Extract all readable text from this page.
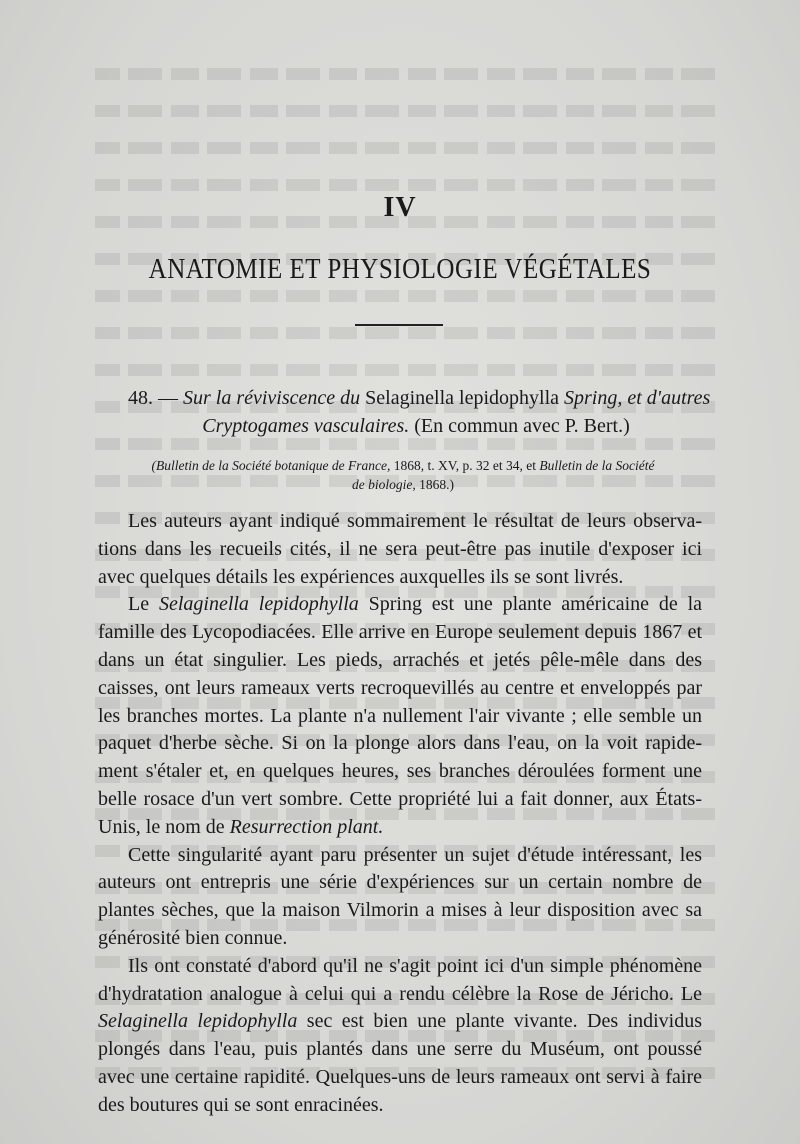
IV
ANATOMIE ET PHYSIOLOGIE VÉGÉTALES
48. — Sur la réviviscence du Selaginella lepidophylla Spring, et d'autres
Cryptogames vasculaires. (En commun avec P. Bert.)
(Bulletin de la Société botanique de France, 1868, t. XV, p. 32 et 34, et Bulletin de la Société
de biologie, 1868.)
Les auteurs ayant indiqué sommairement le résultat de leurs observa-
tions dans les recueils cités, il ne sera peut-être pas inutile d'exposer ici
avec quelques détails les expériences auxquelles ils se sont livrés.
Le Selaginella lepidophylla Spring est une plante américaine de la
famille des Lycopodiacées. Elle arrive en Europe seulement depuis 1867 et
dans un état singulier. Les pieds, arrachés et jetés pêle-mêle dans des
caisses, ont leurs rameaux verts recroquevillés au centre et enveloppés par
les branches mortes. La plante n'a nullement l'air vivante ; elle semble un
paquet d'herbe sèche. Si on la plonge alors dans l'eau, on la voit rapide-
ment s'étaler et, en quelques heures, ses branches déroulées forment une
belle rosace d'un vert sombre. Cette propriété lui a fait donner, aux États-
Unis, le nom de Resurrection plant.
Cette singularité ayant paru présenter un sujet d'étude intéressant, les
auteurs ont entrepris une série d'expériences sur un certain nombre de
plantes sèches, que la maison Vilmorin a mises à leur disposition avec sa
générosité bien connue.
Ils ont constaté d'abord qu'il ne s'agit point ici d'un simple phénomène
d'hydratation analogue à celui qui a rendu célèbre la Rose de Jéricho. Le
Selaginella lepidophylla sec est bien une plante vivante. Des individus
plongés dans l'eau, puis plantés dans une serre du Muséum, ont poussé
avec une certaine rapidité. Quelques-uns de leurs rameaux ont servi à faire
des boutures qui se sont enracinées.
